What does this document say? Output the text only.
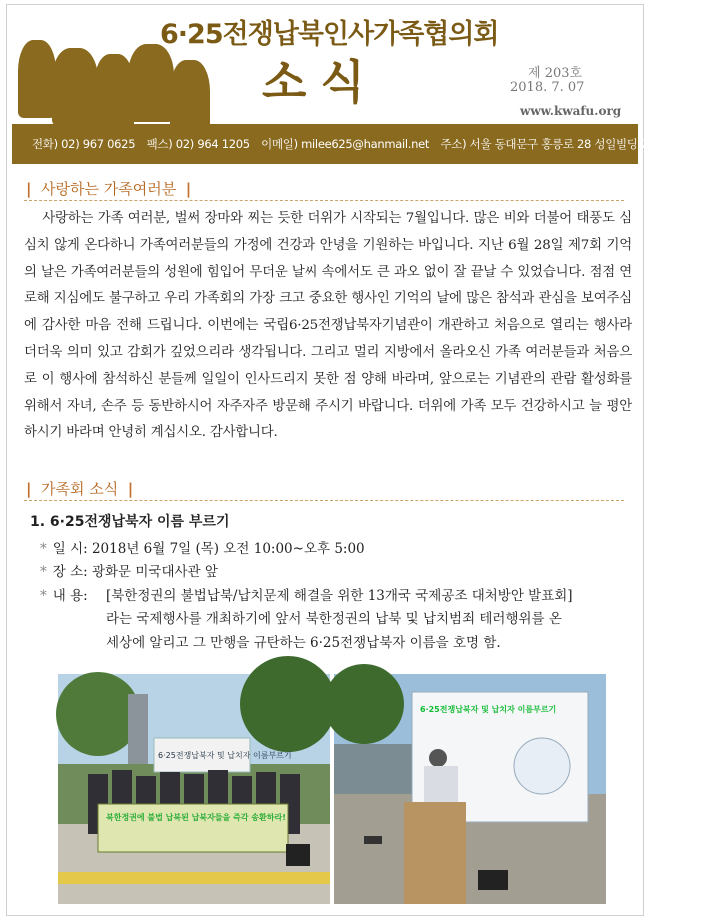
6·25전쟁납북인사가족협의회
소식	제 203호
2018. 7. 07
www.kwafu.org
전화) 02) 967 0625 팩스) 02) 964 1205 이메일) milee625@hanmail.net 주소) 서울 동대문구 홍릉로 28 성일빌딩 2층 (02490)
| 사랑하는 가족여러분 |
사랑하는 가족 여러분, 벌써 장마와 찌는 듯한 더위가 시작되는 7월입니다. 많은 비와 더불어 태풍도 심심치 않게 온다하니 가족여러분들의 가정에 건강과 안녕을 기원하는 바입니다. 지난 6월 28일 제7회 기억의 날은 가족여러분들의 성원에 힘입어 무더운 날씨 속에서도 큰 과오 없이 잘 끝날 수 있었습니다. 점점 연로해 지심에도 불구하고 우리 가족회의 가장 크고 중요한 행사인 기억의 날에 많은 참석과 관심을 보여주심에 감사한 마음 전해 드립니다. 이번에는 국립6·25전쟁납북자기념관이 개관하고 처음으로 열리는 행사라 더더욱 의미 있고 감회가 깊었으리라 생각됩니다. 그리고 멀리 지방에서 올라오신 가족 여러분들과 처음으로 이 행사에 참석하신 분들께 일일이 인사드리지 못한 점 양해 바라며, 앞으로는 기념관의 관람 활성화를 위해서 자녀, 손주 등 동반하시어 자주자주 방문해 주시기 바랍니다. 더위에 가족 모두 건강하시고 늘 평안하시기 바라며 안녕히 계십시오. 감사합니다.
| 가족회 소식 |
1. 6·25전쟁납북자 이름 부르기
* 일 시: 2018년 6월 7일 (목) 오전 10:00~오후 5:00
* 장 소: 광화문 미국대사관 앞
* 내 용: [북한정권의 불법납북/납치문제 해결을 위한 13개국 국제공조 대처방안 발표회]
라는 국제행사를 개최하기에 앞서 북한정권의 납북 및 납치범죄 테러행위를 온
세상에 알리고 그 만행을 규탄하는 6·25전쟁납북자 이름을 호명 함.
6·25전쟁납북자 및 납치자 이름부르기
북한정권에 불법 납북된 납북자들을 즉각 송환하라!
6·25전쟁납북자 및 납치자 이름부르기
